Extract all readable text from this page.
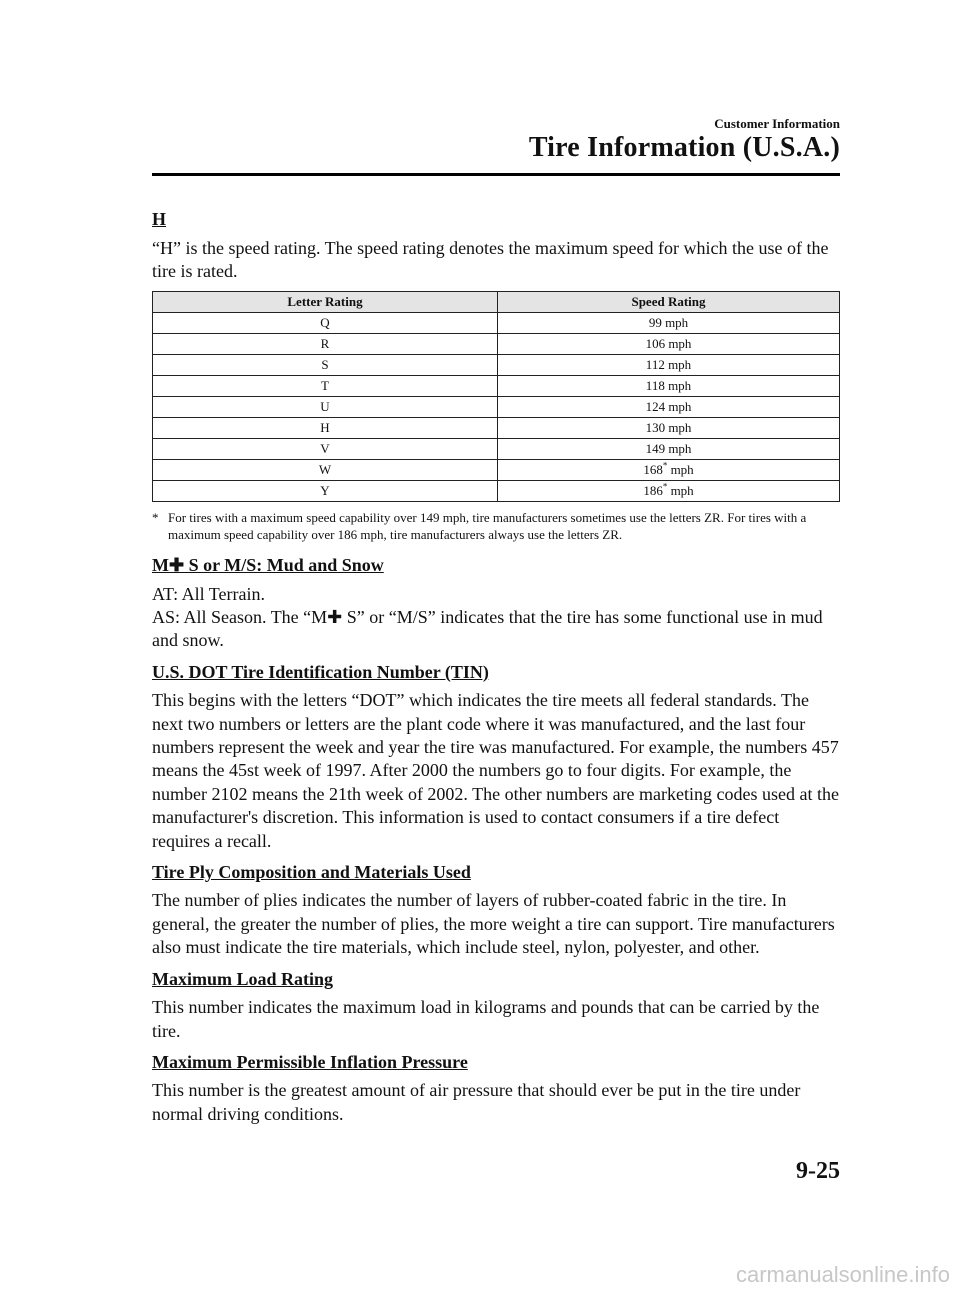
Customer Information
Tire Information (U.S.A.)
H

“H” is the speed rating. The speed rating denotes the maximum speed for which the use of the tire is rated.

Letter Rating	Speed Rating
Q	99 mph
R	106 mph
S	112 mph
T	118 mph
U	124 mph
H	130 mph
V	149 mph
W	168* mph
Y	186* mph

* For tires with a maximum speed capability over 149 mph, tire manufacturers sometimes use the letters ZR. For tires with a maximum speed capability over 186 mph, tire manufacturers always use the letters ZR.

M✚ S or M/S: Mud and Snow

AT: All Terrain.

AS: All Season. The “M✚ S” or “M/S” indicates that the tire has some functional use in mud and snow.

U.S. DOT Tire Identification Number (TIN)

This begins with the letters “DOT” which indicates the tire meets all federal standards. The next two numbers or letters are the plant code where it was manufactured, and the last four numbers represent the week and year the tire was manufactured. For example, the numbers 457 means the 45st week of 1997. After 2000 the numbers go to four digits. For example, the number 2102 means the 21th week of 2002. The other numbers are marketing codes used at the manufacturer's discretion. This information is used to contact consumers if a tire defect requires a recall.

Tire Ply Composition and Materials Used

The number of plies indicates the number of layers of rubber-coated fabric in the tire. In general, the greater the number of plies, the more weight a tire can support. Tire manufacturers also must indicate the tire materials, which include steel, nylon, polyester, and other.

Maximum Load Rating

This number indicates the maximum load in kilograms and pounds that can be carried by the tire.

Maximum Permissible Inflation Pressure

This number is the greatest amount of air pressure that should ever be put in the tire under normal driving conditions.

9-25
carmanualsonline.info
